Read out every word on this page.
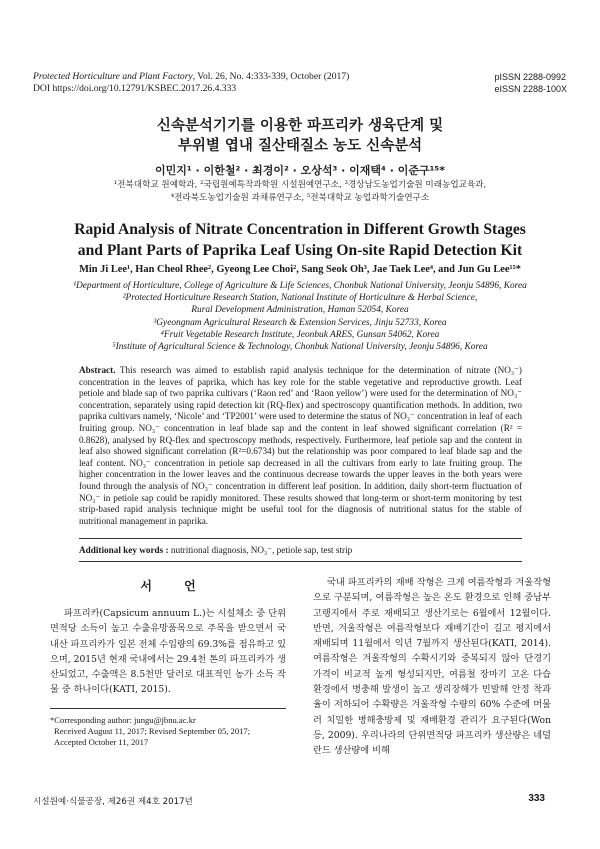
Protected Horticulture and Plant Factory, Vol. 26, No. 4:333-339, October (2017)
DOI https://doi.org/10.12791/KSBEC.2017.26.4.333
pISSN 2288-0992
eISSN 2288-100X
신속분석기기를 이용한 파프리카 생육단계 및
부위별 엽내 질산태질소 농도 신속분석
이민지¹ · 이한철² · 최경이² · 오상석³ · 이재택⁴ · 이준구¹⁵*
¹전북대학교 원예학과, ²국립원예특작과학원 시설원예연구소, ³경상남도농업기술원 미래농업교육과,
⁴전라북도농업기술원 과채류연구소, ⁵전북대학교 농업과학기술연구소
Rapid Analysis of Nitrate Concentration in Different Growth Stages
and Plant Parts of Paprika Leaf Using On-site Rapid Detection Kit
Min Ji Lee¹, Han Cheol Rhee², Gyeong Lee Choi², Sang Seok Oh³, Jae Taek Lee⁴, and Jun Gu Lee¹⁵*
¹Department of Horticulture, College of Agriculture & Life Sciences, Chonbuk National University, Jeonju 54896, Korea
²Protected Horticulture Research Station, National Institute of Horticulture & Herbal Science,
Rural Development Administration, Haman 52054, Korea
³Gyeongnam Agricultural Research & Extension Services, Jinju 52733, Korea
⁴Fruit Vegetable Research Institute, Jeonbuk ARES, Gunsan 54062, Korea
⁵Institute of Agricultural Science & Technology, Chonbuk National University, Jeonju 54896, Korea
Abstract. This research was aimed to establish rapid analysis technique for the determination of nitrate (NO₃⁻) concentration in the leaves of paprika, which has key role for the stable vegetative and reproductive growth. Leaf petiole and blade sap of two paprika cultivars (‘Raon red’ and ‘Raon yellow’) were used for the determination of NO₃⁻ concentration, separately using rapid detection kit (RQ-flex) and spectroscopy quantification methods. In addition, two paprika cultivars namely, ‘Nicole’ and ‘TP2001’ were used to determine the status of NO₃⁻ concentration in leaf of each fruiting group. NO₃⁻ concentration in leaf blade sap and the content in leaf showed significant correlation (R² = 0.8628), analysed by RQ-flex and spectroscopy methods, respectively. Furthermore, leaf petiole sap and the content in leaf also showed significant correlation (R²=0.6734) but the relationship was poor compared to leaf blade sap and the leaf content. NO₃⁻ concentration in petiole sap decreased in all the cultivars from early to late fruiting group. The higher concentration in the lower leaves and the continuous decrease towards the upper leaves in the both years were found through the analysis of NO₃⁻ concentration in different leaf position. In addition, daily short-term fluctuation of NO₃⁻ in petiole sap could be rapidly monitored. These results showed that long-term or short-term monitoring by test strip-based rapid analysis technique might be useful tool for the diagnosis of nutritional status for the stable of nutritional management in paprika.
Additional key words : nutritional diagnosis, NO₃⁻, petiole sap, test strip
서 언
파프리카(Capsicum annuum L.)는 시설채소 중 단위면적당 소득이 높고 수출유망품목으로 주목을 받으면서 국내산 파프리카가 일본 전체 수입량의 69.3%를 점유하고 있으며, 2015년 현재 국내에서는 29.4천 톤의 파프리카가 생산되었고, 수출액은 8.5천만 달러로 대표적인 농가 소득 작물 중 하나이다(KATI, 2015).
국내 파프리카의 재배 작형은 크게 여름작형과 겨울작형으로 구분되며, 여름작형은 높은 온도 환경으로 인해 중남부 고랭지에서 주로 재배되고 생산기로는 6월에서 12월이다. 반면, 겨울작형은 여름작형보다 재배기간이 길고 평지에서 재배되며 11월에서 익년 7월까지 생산된다(KATI, 2014). 여름작형은 겨울작형의 수확시기와 중복되지 않아 단경기 가격이 비교적 높게 형성되지만, 여름철 장마기 고온 다습 환경에서 병충해 발생이 높고 생리장해가 빈발해 안정 착과율이 저하되어 수확량은 겨울작형 수량의 60% 수준에 머물러 치밀한 병해충방제 및 재배환경 관리가 요구된다(Won 등, 2009). 우리나라의 단위면적당 파프리카 생산량은 네덜란드 생산량에 비해
*Corresponding author: jungu@jbnu.ac.kr
Received August 11, 2017; Revised September 05, 2017;
Accepted October 11, 2017
시설원예·식물공장, 제26권 제4호 2017년	333
